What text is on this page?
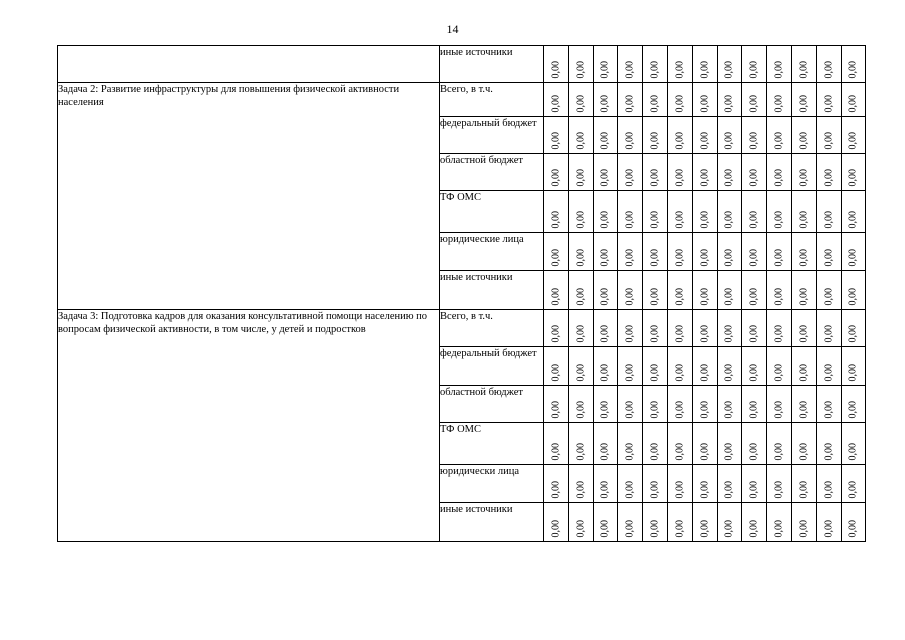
14
	иные источники	0,00	0,00	0,00	0,00	0,00	0,00	0,00	0,00	0,00	0,00	0,00	0,00	0,00

Задача 2: Развитие инфраструктуры для повышения физической активности населения	Всего, в т.ч.	0,00	0,00	0,00	0,00	0,00	0,00	0,00	0,00	0,00	0,00	0,00	0,00	0,00

	федеральный бюджет	0,00	0,00	0,00	0,00	0,00	0,00	0,00	0,00	0,00	0,00	0,00	0,00	0,00

	областной бюджет	0,00	0,00	0,00	0,00	0,00	0,00	0,00	0,00	0,00	0,00	0,00	0,00	0,00

	ТФ ОМС	0,00	0,00	0,00	0,00	0,00	0,00	0,00	0,00	0,00	0,00	0,00	0,00	0,00

	юридические лица	0,00	0,00	0,00	0,00	0,00	0,00	0,00	0,00	0,00	0,00	0,00	0,00	0,00

	иные источники	0,00	0,00	0,00	0,00	0,00	0,00	0,00	0,00	0,00	0,00	0,00	0,00	0,00

Задача 3: Подготовка кадров для оказания консультативной помощи населению по вопросам физической активности, в том числе, у детей и подростков	Всего, в т.ч.	0,00	0,00	0,00	0,00	0,00	0,00	0,00	0,00	0,00	0,00	0,00	0,00	0,00

	федеральный бюджет	0,00	0,00	0,00	0,00	0,00	0,00	0,00	0,00	0,00	0,00	0,00	0,00	0,00

	областной бюджет	0,00	0,00	0,00	0,00	0,00	0,00	0,00	0,00	0,00	0,00	0,00	0,00	0,00

	ТФ ОМС	0,00	0,00	0,00	0,00	0,00	0,00	0,00	0,00	0,00	0,00	0,00	0,00	0,00

	юридически лица	0,00	0,00	0,00	0,00	0,00	0,00	0,00	0,00	0,00	0,00	0,00	0,00	0,00

	иные источники	0,00	0,00	0,00	0,00	0,00	0,00	0,00	0,00	0,00	0,00	0,00	0,00	0,00
